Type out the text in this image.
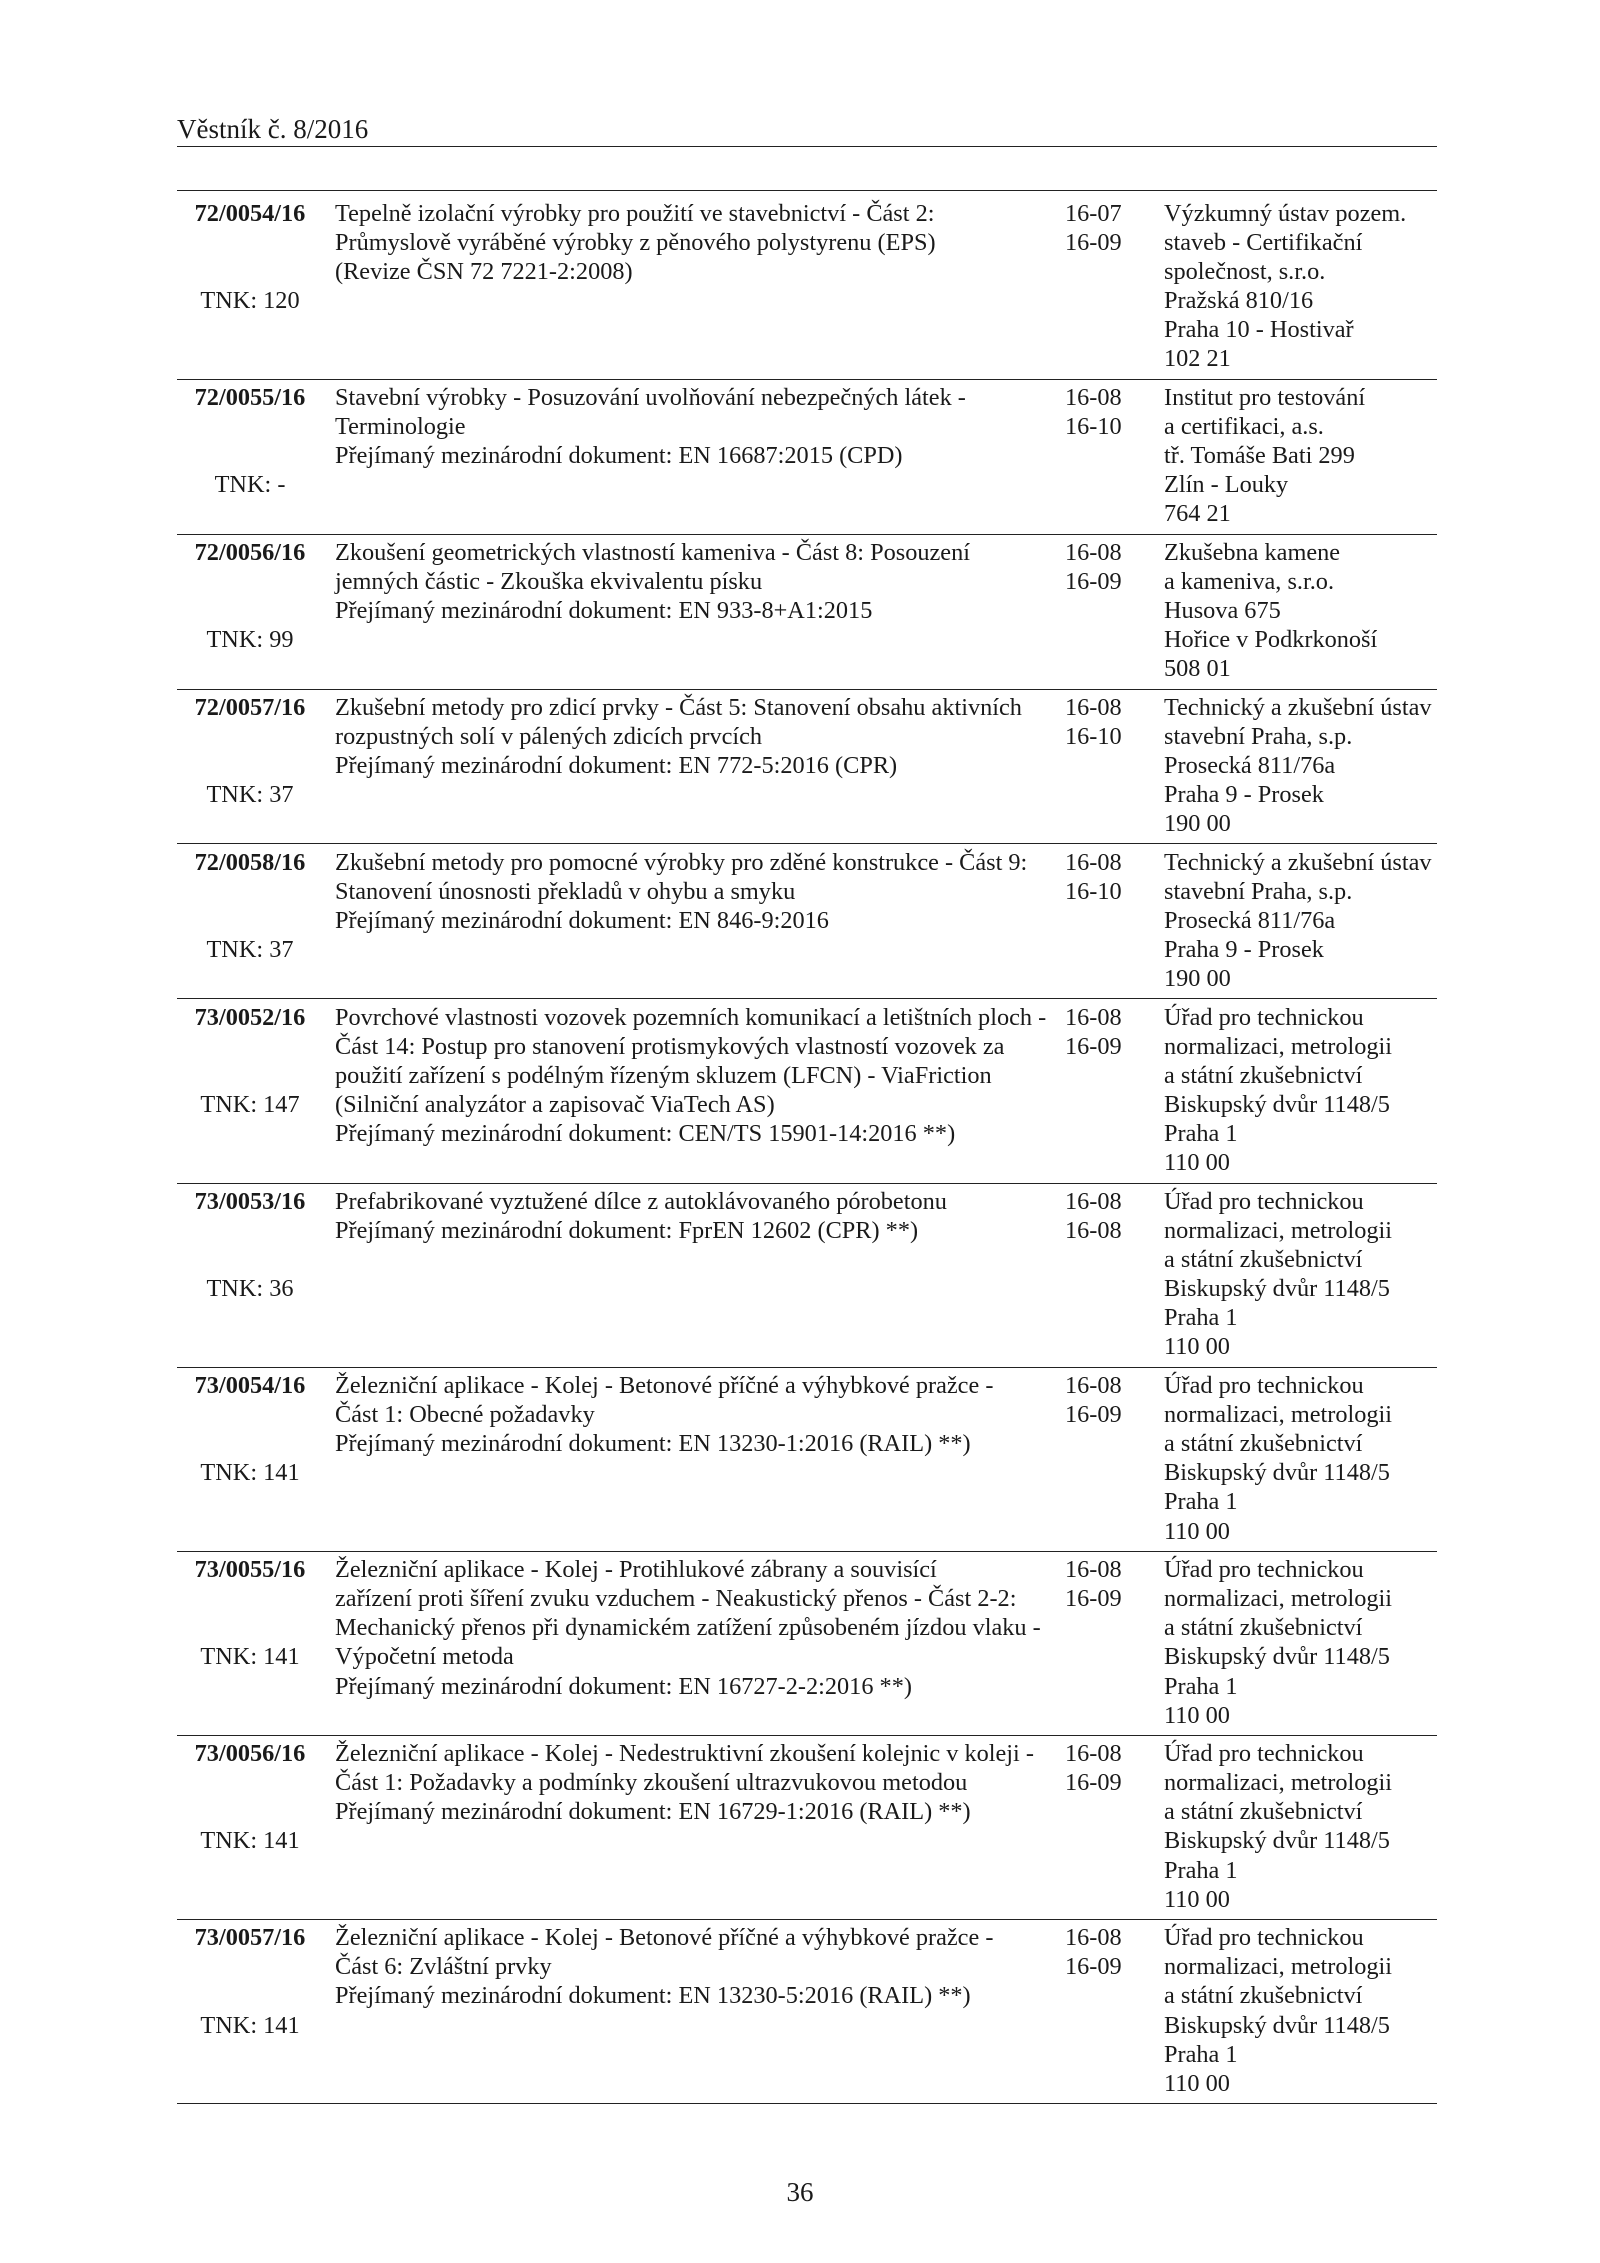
Věstník č. 8/2016
72/0054/16
TNK: 120
Tepelně izolační výrobky pro použití ve stavebnictví - Část 2:
Průmyslově vyráběné výrobky z pěnového polystyrenu (EPS)
(Revize ČSN 72 7221-2:2008)
16-07
16-09
Výzkumný ústav pozem.
staveb - Certifikační
společnost, s.r.o.
Pražská 810/16
Praha 10 - Hostivař
102 21
72/0055/16
TNK: -
Stavební výrobky - Posuzování uvolňování nebezpečných látek -
Terminologie
Přejímaný mezinárodní dokument: EN 16687:2015 (CPD)
16-08
16-10
Institut pro testování
a certifikaci, a.s.
tř. Tomáše Bati 299
Zlín - Louky
764 21
72/0056/16
TNK: 99
Zkoušení geometrických vlastností kameniva - Část 8: Posouzení
jemných částic - Zkouška ekvivalentu písku
Přejímaný mezinárodní dokument: EN 933-8+A1:2015
16-08
16-09
Zkušebna kamene
a kameniva, s.r.o.
Husova 675
Hořice v Podkrkonoší
508 01
72/0057/16
TNK: 37
Zkušební metody pro zdicí prvky - Část 5: Stanovení obsahu aktivních
rozpustných solí v pálených zdicích prvcích
Přejímaný mezinárodní dokument: EN 772-5:2016 (CPR)
16-08
16-10
Technický a zkušební ústav
stavební Praha, s.p.
Prosecká 811/76a
Praha 9 - Prosek
190 00
72/0058/16
TNK: 37
Zkušební metody pro pomocné výrobky pro zděné konstrukce - Část 9:
Stanovení únosnosti překladů v ohybu a smyku
Přejímaný mezinárodní dokument: EN 846-9:2016
16-08
16-10
Technický a zkušební ústav
stavební Praha, s.p.
Prosecká 811/76a
Praha 9 - Prosek
190 00
73/0052/16
TNK: 147
Povrchové vlastnosti vozovek pozemních komunikací a letištních ploch -
Část 14: Postup pro stanovení protismykových vlastností vozovek za
použití zařízení s podélným řízeným skluzem (LFCN) - ViaFriction
(Silniční analyzátor a zapisovač ViaTech AS)
Přejímaný mezinárodní dokument: CEN/TS 15901-14:2016 **)
16-08
16-09
Úřad pro technickou
normalizaci, metrologii
a státní zkušebnictví
Biskupský dvůr 1148/5
Praha 1
110 00
73/0053/16
TNK: 36
Prefabrikované vyztužené dílce z autoklávovaného pórobetonu
Přejímaný mezinárodní dokument: FprEN 12602 (CPR) **)
16-08
16-08
Úřad pro technickou
normalizaci, metrologii
a státní zkušebnictví
Biskupský dvůr 1148/5
Praha 1
110 00
73/0054/16
TNK: 141
Železniční aplikace - Kolej - Betonové příčné a výhybkové pražce -
Část 1: Obecné požadavky
Přejímaný mezinárodní dokument: EN 13230-1:2016 (RAIL) **)
16-08
16-09
Úřad pro technickou
normalizaci, metrologii
a státní zkušebnictví
Biskupský dvůr 1148/5
Praha 1
110 00
73/0055/16
TNK: 141
Železniční aplikace - Kolej - Protihlukové zábrany a souvisící
zařízení proti šíření zvuku vzduchem - Neakustický přenos - Část 2-2:
Mechanický přenos při dynamickém zatížení způsobeném jízdou vlaku -
Výpočetní metoda
Přejímaný mezinárodní dokument: EN 16727-2-2:2016 **)
16-08
16-09
Úřad pro technickou
normalizaci, metrologii
a státní zkušebnictví
Biskupský dvůr 1148/5
Praha 1
110 00
73/0056/16
TNK: 141
Železniční aplikace - Kolej - Nedestruktivní zkoušení kolejnic v koleji -
Část 1: Požadavky a podmínky zkoušení ultrazvukovou metodou
Přejímaný mezinárodní dokument: EN 16729-1:2016 (RAIL) **)
16-08
16-09
Úřad pro technickou
normalizaci, metrologii
a státní zkušebnictví
Biskupský dvůr 1148/5
Praha 1
110 00
73/0057/16
TNK: 141
Železniční aplikace - Kolej - Betonové příčné a výhybkové pražce -
Část 6: Zvláštní prvky
Přejímaný mezinárodní dokument: EN 13230-5:2016 (RAIL) **)
16-08
16-09
Úřad pro technickou
normalizaci, metrologii
a státní zkušebnictví
Biskupský dvůr 1148/5
Praha 1
110 00
36
